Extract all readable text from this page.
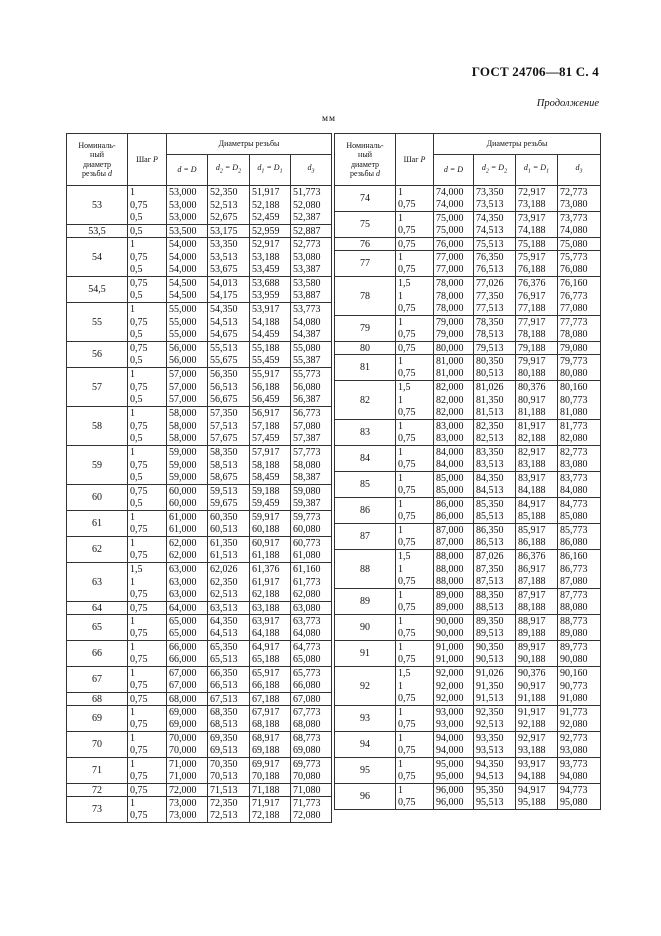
ГОСТ 24706—81 С. 4
Продолжение
мм
Номиналь-
ный
диаметр
резьбы d	Шаг P	Диаметры резьбы			
		d = D	$d_2 = D_2$	$d_1 = D_1$	$d_3$
53	1	53,000	52,350	51,917	51,773
	0,75	53,000	52,513	52,188	52,080
	0,5	53,000	52,675	52,459	52,387
53,5	0,5	53,500	53,175	52,959	52,887
54	1	54,000	53,350	52,917	52,773
	0,75	54,000	53,513	53,188	53,080
	0,5	54,000	53,675	53,459	53,387
54,5	0,75	54,500	54,013	53,688	53,580
	0,5	54,500	54,175	53,959	53,887
55	1	55,000	54,350	53,917	53,773
	0,75	55,000	54,513	54,188	54,080
	0,5	55,000	54,675	54,459	54,387
56	0,75	56,000	55,513	55,188	55,080
	0,5	56,000	55,675	55,459	55,387
57	1	57,000	56,350	55,917	55,773
	0,75	57,000	56,513	56,188	56,080
	0,5	57,000	56,675	56,459	56,387
58	1	58,000	57,350	56,917	56,773
	0,75	58,000	57,513	57,188	57,080
	0,5	58,000	57,675	57,459	57,387
59	1	59,000	58,350	57,917	57,773
	0,75	59,000	58,513	58,188	58,080
	0,5	59,000	58,675	58,459	58,387
60	0,75	60,000	59,513	59,188	59,080
	0,5	60,000	59,675	59,459	59,387
61	1	61,000	60,350	59,917	59,773
	0,75	61,000	60,513	60,188	60,080
62	1	62,000	61,350	60,917	60,773
	0,75	62,000	61,513	61,188	61,080
63	1,5	63,000	62,026	61,376	61,160
	1	63,000	62,350	61,917	61,773
	0,75	63,000	62,513	62,188	62,080
64	0,75	64,000	63,513	63,188	63,080
65	1	65,000	64,350	63,917	63,773
	0,75	65,000	64,513	64,188	64,080
66	1	66,000	65,350	64,917	64,773
	0,75	66,000	65,513	65,188	65,080
67	1	67,000	66,350	65,917	65,773
	0,75	67,000	66,513	66,188	66,080
68	0,75	68,000	67,513	67,188	67,080
69	1	69,000	68,350	67,917	67,773
	0,75	69,000	68,513	68,188	68,080
70	1	70,000	69,350	68,917	68,773
	0,75	70,000	69,513	69,188	69,080
71	1	71,000	70,350	69,917	69,773
	0,75	71,000	70,513	70,188	70,080
72	0,75	72,000	71,513	71,188	71,080
73	1	73,000	72,350	71,917	71,773
	0,75	73,000	72,513	72,188	72,080
Номиналь-
ный
диаметр
резьбы d	Шаг P	Диаметры резьбы			
		d = D	$d_2 = D_2$	$d_1 = D_1$	$d_3$
74	1	74,000	73,350	72,917	72,773
	0,75	74,000	73,513	73,188	73,080
75	1	75,000	74,350	73,917	73,773
	0,75	75,000	74,513	74,188	74,080
76	0,75	76,000	75,513	75,188	75,080
77	1	77,000	76,350	75,917	75,773
	0,75	77,000	76,513	76,188	76,080
78	1,5	78,000	77,026	76,376	76,160
	1	78,000	77,350	76,917	76,773
	0,75	78,000	77,513	77,188	77,080
79	1	79,000	78,350	77,917	77,773
	0,75	79,000	78,513	78,188	78,080
80	0,75	80,000	79,513	79,188	79,080
81	1	81,000	80,350	79,917	79,773
	0,75	81,000	80,513	80,188	80,080
82	1,5	82,000	81,026	80,376	80,160
	1	82,000	81,350	80,917	80,773
	0,75	82,000	81,513	81,188	81,080
83	1	83,000	82,350	81,917	81,773
	0,75	83,000	82,513	82,188	82,080
84	1	84,000	83,350	82,917	82,773
	0,75	84,000	83,513	83,188	83,080
85	1	85,000	84,350	83,917	83,773
	0,75	85,000	84,513	84,188	84,080
86	1	86,000	85,350	84,917	84,773
	0,75	86,000	85,513	85,188	85,080
87	1	87,000	86,350	85,917	85,773
	0,75	87,000	86,513	86,188	86,080
88	1,5	88,000	87,026	86,376	86,160
	1	88,000	87,350	86,917	86,773
	0,75	88,000	87,513	87,188	87,080
89	1	89,000	88,350	87,917	87,773
	0,75	89,000	88,513	88,188	88,080
90	1	90,000	89,350	88,917	88,773
	0,75	90,000	89,513	89,188	89,080
91	1	91,000	90,350	89,917	89,773
	0,75	91,000	90,513	90,188	90,080
92	1,5	92,000	91,026	90,376	90,160
	1	92,000	91,350	90,917	90,773
	0,75	92,000	91,513	91,188	91,080
93	1	93,000	92,350	91,917	91,773
	0,75	93,000	92,513	92,188	92,080
94	1	94,000	93,350	92,917	92,773
	0,75	94,000	93,513	93,188	93,080
95	1	95,000	94,350	93,917	93,773
	0,75	95,000	94,513	94,188	94,080
96	1	96,000	95,350	94,917	94,773
	0,75	96,000	95,513	95,188	95,080
